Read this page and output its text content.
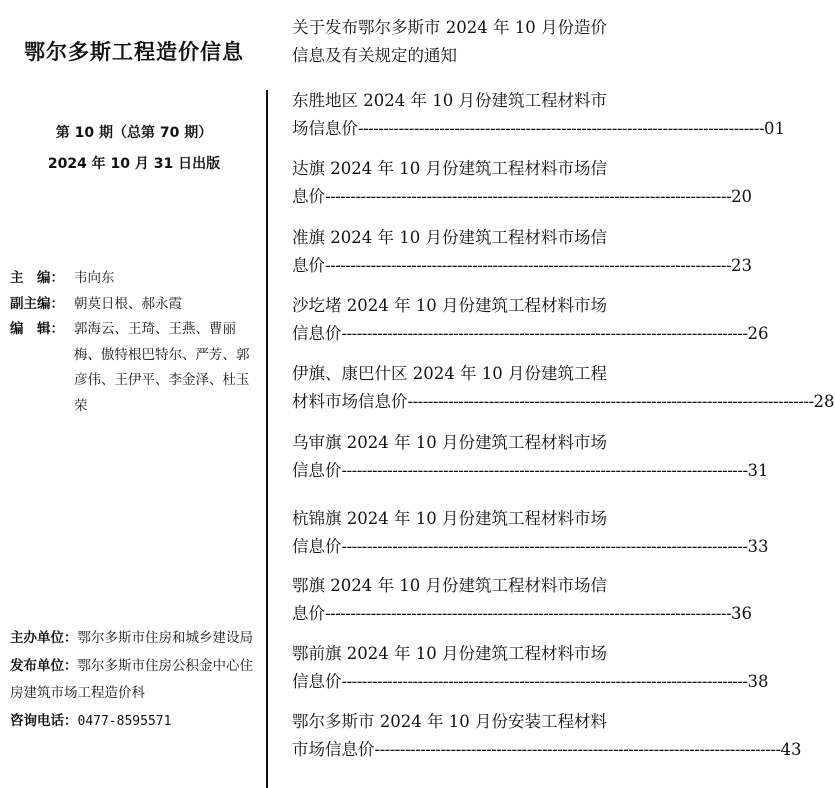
鄂尔多斯工程造价信息
第 10 期（总第 70 期）
2024 年 10 月 31 日出版
主　编： 韦向东
副主编： 朝莫日根、郝永霞
编　辑： 郭海云、王琦、王燕、曹丽梅、傲特根巴特尔、严芳、郭彦伟、王伊平、李金泽、杜玉荣
主办单位：鄂尔多斯市住房和城乡建设局
发布单位：鄂尔多斯市住房公积金中心住房建筑市场工程造价科
咨询电话：0477-8595571
关于发布鄂尔多斯市 2024 年 10 月份造价
信息及有关规定的通知
东胜地区 2024 年 10 月份建筑工程材料市
场信息价 -------------------------------------------------------------------------------- 01
达旗 2024 年 10 月份建筑工程材料市场信
息价 -------------------------------------------------------------------------------- 20
准旗 2024 年 10 月份建筑工程材料市场信
息价 -------------------------------------------------------------------------------- 23
沙圪堵 2024 年 10 月份建筑工程材料市场
信息价 -------------------------------------------------------------------------------- 26
伊旗、康巴什区 2024 年 10 月份建筑工程
材料市场信息价 -------------------------------------------------------------------------------- 28
乌审旗 2024 年 10 月份建筑工程材料市场
信息价 -------------------------------------------------------------------------------- 31
杭锦旗 2024 年 10 月份建筑工程材料市场
信息价 -------------------------------------------------------------------------------- 33
鄂旗 2024 年 10 月份建筑工程材料市场信
息价 -------------------------------------------------------------------------------- 36
鄂前旗 2024 年 10 月份建筑工程材料市场
信息价 -------------------------------------------------------------------------------- 38
鄂尔多斯市 2024 年 10 月份安装工程材料
市场信息价 -------------------------------------------------------------------------------- 43
